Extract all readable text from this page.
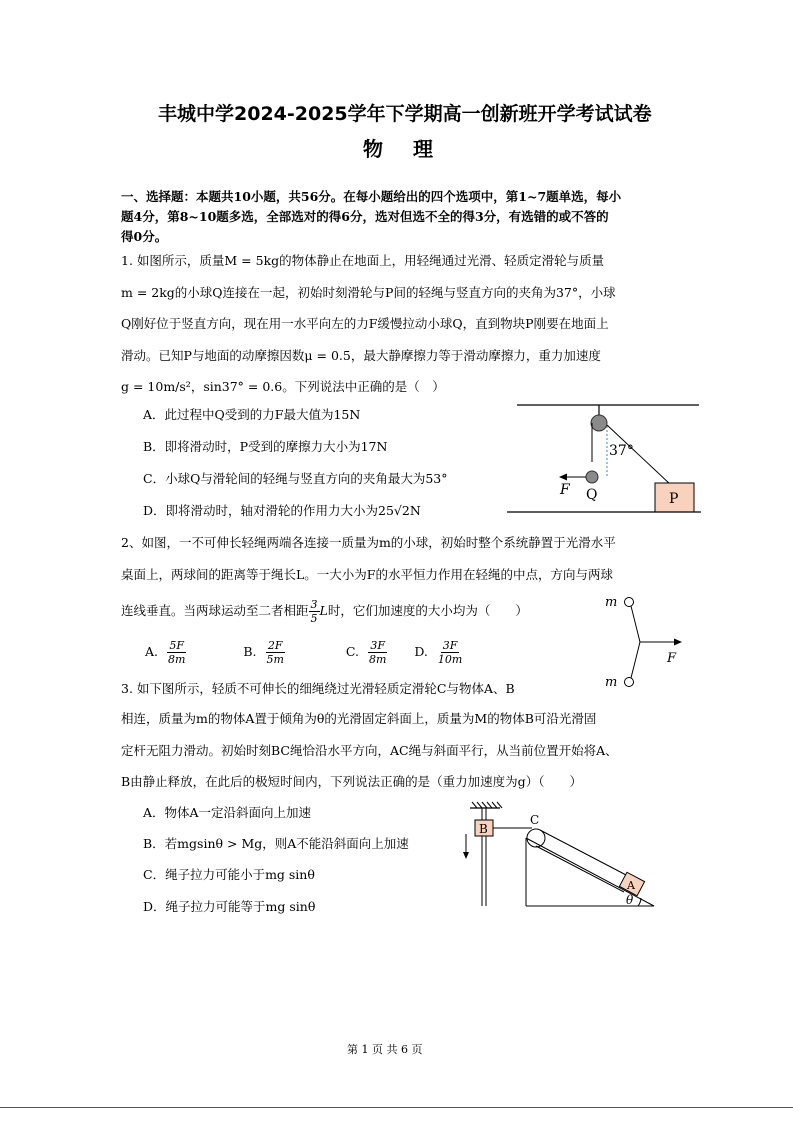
丰城中学2024-2025学年下学期高一创新班开学考试试卷
物理
一、选择题：本题共10小题，共56分。在每小题给出的四个选项中，第1~7题单选，每小
题4分，第8~10题多选，全部选对的得6分，选对但选不全的得3分，有选错的或不答的
得0分。
1. 如图所示，质量M = 5kg的物体静止在地面上，用轻绳通过光滑、轻质定滑轮与质量
m = 2kg的小球Q连接在一起，初始时刻滑轮与P间的轻绳与竖直方向的夹角为37°，小球
Q刚好位于竖直方向，现在用一水平向左的力F缓慢拉动小球Q，直到物块P刚要在地面上
滑动。已知P与地面的动摩擦因数μ = 0.5，最大静摩擦力等于滑动摩擦力，重力加速度
g = 10m/s²，sin37° = 0.6。下列说法中正确的是（　）
A．此过程中Q受到的力F最大值为15N
B．即将滑动时，P受到的摩擦力大小为17N
C．小球Q与滑轮间的轻绳与竖直方向的夹角最大为53°
D．即将滑动时，轴对滑轮的作用力大小为25√2N
37°
F Q	P
2、如图，一不可伸长轻绳两端各连接一质量为m的小球，初始时整个系统静置于光滑水平
桌面上，两球间的距离等于绳长L。一大小为F的水平恒力作用在轻绳的中点，方向与两球
连线垂直。当两球运动至二者相距 $\frac{3}{5}$ L时，它们加速度的大小均为（　　）
A. $\frac{5F}{8m}$	B. $\frac{2F}{5m}$	C. $\frac{3F}{8m} D$. $\frac{3F}{10m}$
m
m
F
3. 如下图所示，轻质不可伸长的细绳绕过光滑轻质定滑轮C与物体A、B
相连，质量为m的物体A置于倾角为θ的光滑固定斜面上，质量为M的物体B可沿光滑固
定杆无阻力滑动。初始时刻BC绳恰沿水平方向，AC绳与斜面平行，从当前位置开始将A、
B由静止释放，在此后的极短时间内，下列说法正确的是（重力加速度为g）（　　）
A．物体A一定沿斜面向上加速
B．若mgsinθ > Mg，则A不能沿斜面向上加速
C．绳子拉力可能小于mg sinθ
D．绳子拉力可能等于mg sinθ
B
C
A
θ
第 1 页 共 6 页
